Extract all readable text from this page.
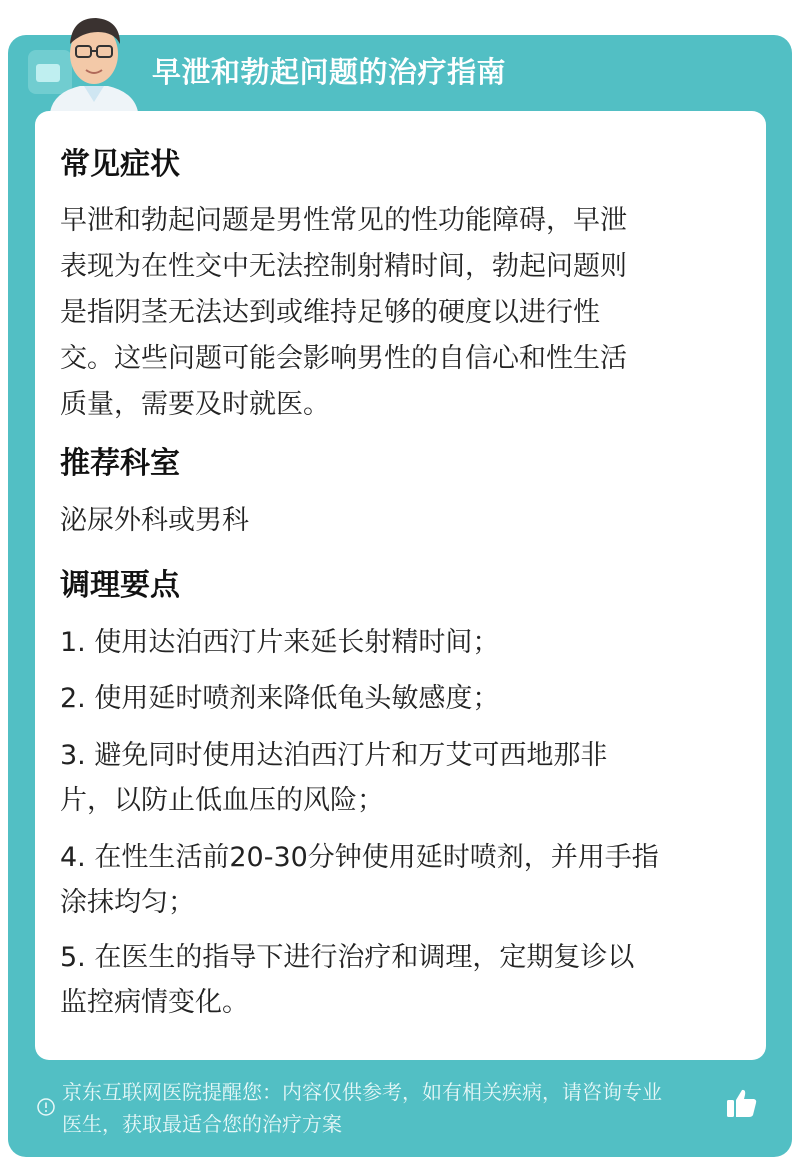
早泄和勃起问题的治疗指南
常见症状
早泄和勃起问题是男性常见的性功能障碍，早泄
表现为在性交中无法控制射精时间，勃起问题则
是指阴茎无法达到或维持足够的硬度以进行性
交。这些问题可能会影响男性的自信心和性生活
质量，需要及时就医。
推荐科室
泌尿外科或男科
调理要点
1. 使用达泊西汀片来延长射精时间；
2. 使用延时喷剂来降低龟头敏感度；
3. 避免同时使用达泊西汀片和万艾可西地那非
片，以防止低血压的风险；
4. 在性生活前20-30分钟使用延时喷剂，并用手指
涂抹均匀；
5. 在医生的指导下进行治疗和调理，定期复诊以
监控病情变化。
京东互联网医院提醒您：内容仅供参考，如有相关疾病，请咨询专业
医生，获取最适合您的治疗方案
